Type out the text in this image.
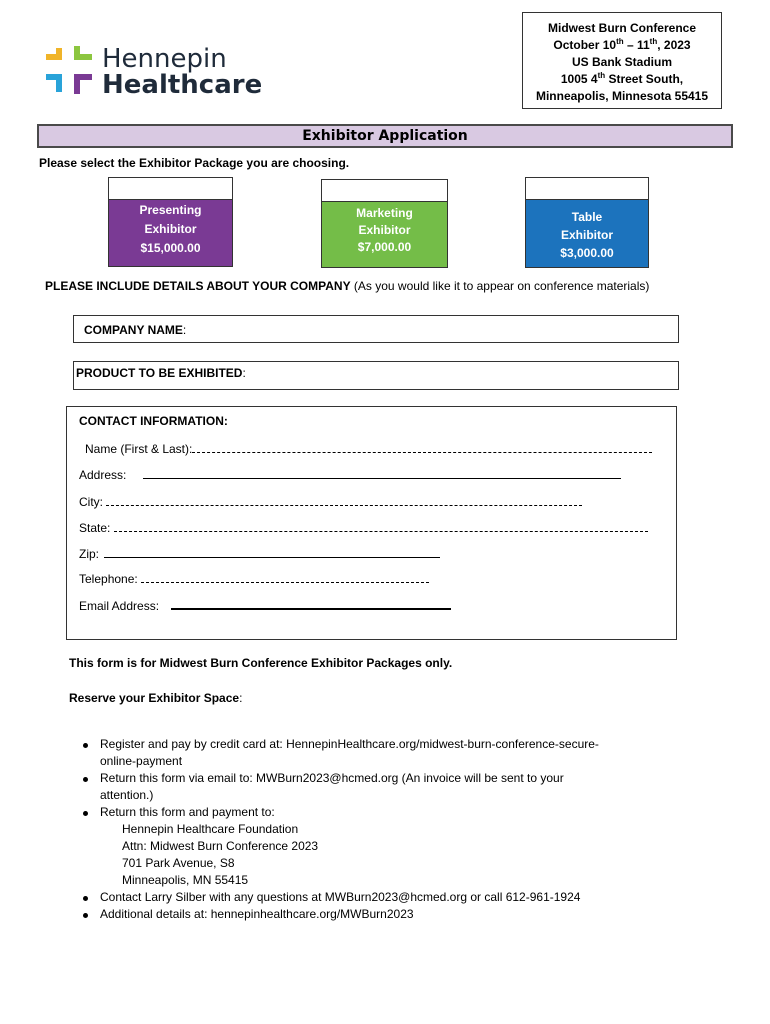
Hennepin
Healthcare
Midwest Burn Conference
October 10th – 11th, 2023
US Bank Stadium
1005 4th Street South,
Minneapolis, Minnesota 55415
Exhibitor Application
Please select the Exhibitor Package you are choosing.
Presenting
Exhibitor
$15,000.00
Marketing
Exhibitor
$7,000.00
Table
Exhibitor
$3,000.00
PLEASE INCLUDE DETAILS ABOUT YOUR COMPANY (As you would like it to appear on conference materials)
COMPANY NAME:
PRODUCT TO BE EXHIBITED:
CONTACT INFORMATION:
Name (First & Last):
Address:
City:
State:
Zip:
Telephone:
Email Address:
This form is for Midwest Burn Conference Exhibitor Packages only.
Reserve your Exhibitor Space:
Register and pay by credit card at: HennepinHealthcare.org/midwest-burn-conference-secure-
online-payment
Return this form via email to: MWBurn2023@hcmed.org (An invoice will be sent to your
attention.)
Return this form and payment to:
Hennepin Healthcare Foundation
Attn: Midwest Burn Conference 2023
701 Park Avenue, S8
Minneapolis, MN 55415
Contact Larry Silber with any questions at MWBurn2023@hcmed.org or call 612-961-1924
Additional details at: hennepinhealthcare.org/MWBurn2023
